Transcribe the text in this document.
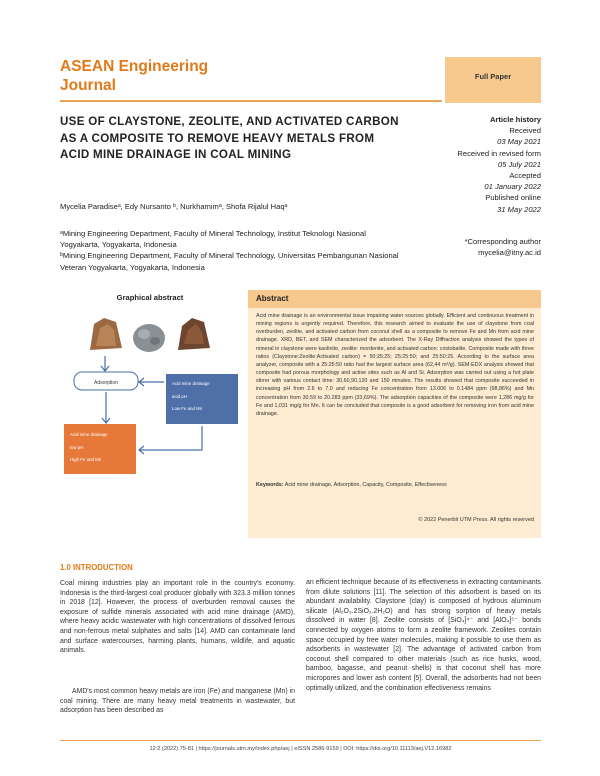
ASEAN Engineering
Journal
Full Paper
USE OF CLAYSTONE, ZEOLITE, AND ACTIVATED CARBON AS A COMPOSITE TO REMOVE HEAVY METALS FROM ACID MINE DRAINAGE IN COAL MINING
Article history
Received
03 May 2021
Received in revised form
05 July 2021
Accepted
01 January 2022
Published online
31 May 2022
Mycelia Paradiseᵃ, Edy Nursanto ᵇ, Nurkhamimᵃ, Shofa Rijalul Haqᵃ
ᵃMining Engineering Department, Faculty of Mineral Technology, Institut Teknologi Nasional Yogyakarta, Yogyakarta, Indonesia
ᵇMining Engineering Department, Faculty of Mineral Technology, Universitas Pembangunan Nasional Veteran Yogyakarta, Yogyakarta, Indonesia
*Corresponding author
mycelia@itny.ac.id
Graphical abstract
Adsorption	Acid mine drainage
acid pH
Low Fe and Mn
Acid mine drainage
low pH
High Fe and Mn
Abstract
Acid mine drainage is an environmental issue impairing water sources globally. Efficient and continuous treatment in mining regions is urgently required. Therefore, this research aimed to evaluate the use of claystone from coal overburden, zeolite, and activated carbon from coconut shell as a composite to remove Fe and Mn from acid mine drainage. XRD, BET, and SEM characterized the adsorbent. The X-Ray Diffraction analysis showed the types of mineral in claystone were kaolinite, zeolite: mordenite, and activated carbon: cristobalite. Composite made with three ratios (Claystone:Zeolite:Activated carbon) = 50:25:25; 25:25:50; and 25:50:25. According to the surface area analyzer, composite with a 25:25:50 ratio had the largest surface area (62,44 m²/g). SEM-EDX analysis showed that composite had porous morphology and active sites such as Al and Si. Adsorption was carried out using a hot plate stirrer with various contact time: 30,60,90,120 and 150 minutes. The results showed that composite succeeded in increasing pH from 2.6 to 7.0 and reducing Fe concentration from 13.006 to 0.1484 ppm (98,86%) and Mn concentration from 30.59 to 20.283 ppm (33,69%). The adsorption capacities of the composite were 1,286 mg/g for Fe and 1,031 mg/g for Mn. It can be concluded that composite is a good adsorbent for removing iron from acid mine drainage.
Keywords: Acid mine drainage, Adsorption, Capacity, Composite, Effectiveness
© 2022 Penerbit UTM Press. All rights reserved
1.0 INTRODUCTION
Coal mining industries play an important role in the country's economy. Indonesia is the third-largest coal producer globally with 323.3 million tonnes in 2018 [12]. However, the process of overburden removal causes the exposure of sulfide minerals associated with acid mine drainage (AMD), where heavy acidic wastewater with high concentrations of dissolved ferrous and non-ferrous metal sulphates and salts [14]. AMD can contaminate land and surface watercourses, harming plants, humans, wildlife, and aquatic animals.
AMD's most common heavy metals are iron (Fe) and manganese (Mn) in coal mining. There are many heavy metal treatments in wastewater, but adsorption has been described as
an efficient technique because of its effectiveness in extracting contaminants from dilute solutions [11]. The selection of this adsorbent is based on its abundant availability. Claystone (clay) is composed of hydrous aluminum silicate (Al₂O₃.2SiO₂.2H₂O) and has strong sorption of heavy metals dissolved in water [8]. Zeolite consists of [SiO₄]⁴⁻ and [AlO₄]⁵⁻ bonds connected by oxygen atoms to form a zeolite framework. Zeolites contain space occupied by free water molecules, making it possible to use them as adsorbents in wastewater [2]. The advantage of activated carbon from coconut shell compared to other materials (such as rice husks, wood, bamboo, bagasse, and peanut shells) is that coconut shell has more micropores and lower ash content [5]. Overall, the adsorbents had not been optimally utilized, and the combination effectiveness remains
12:2 (2022) 75-81 | https://journals.utm.my/index.php/aej | eISSN 2586-9159 | DOI: https://doi.org/10.11113/aej.V12.16982
